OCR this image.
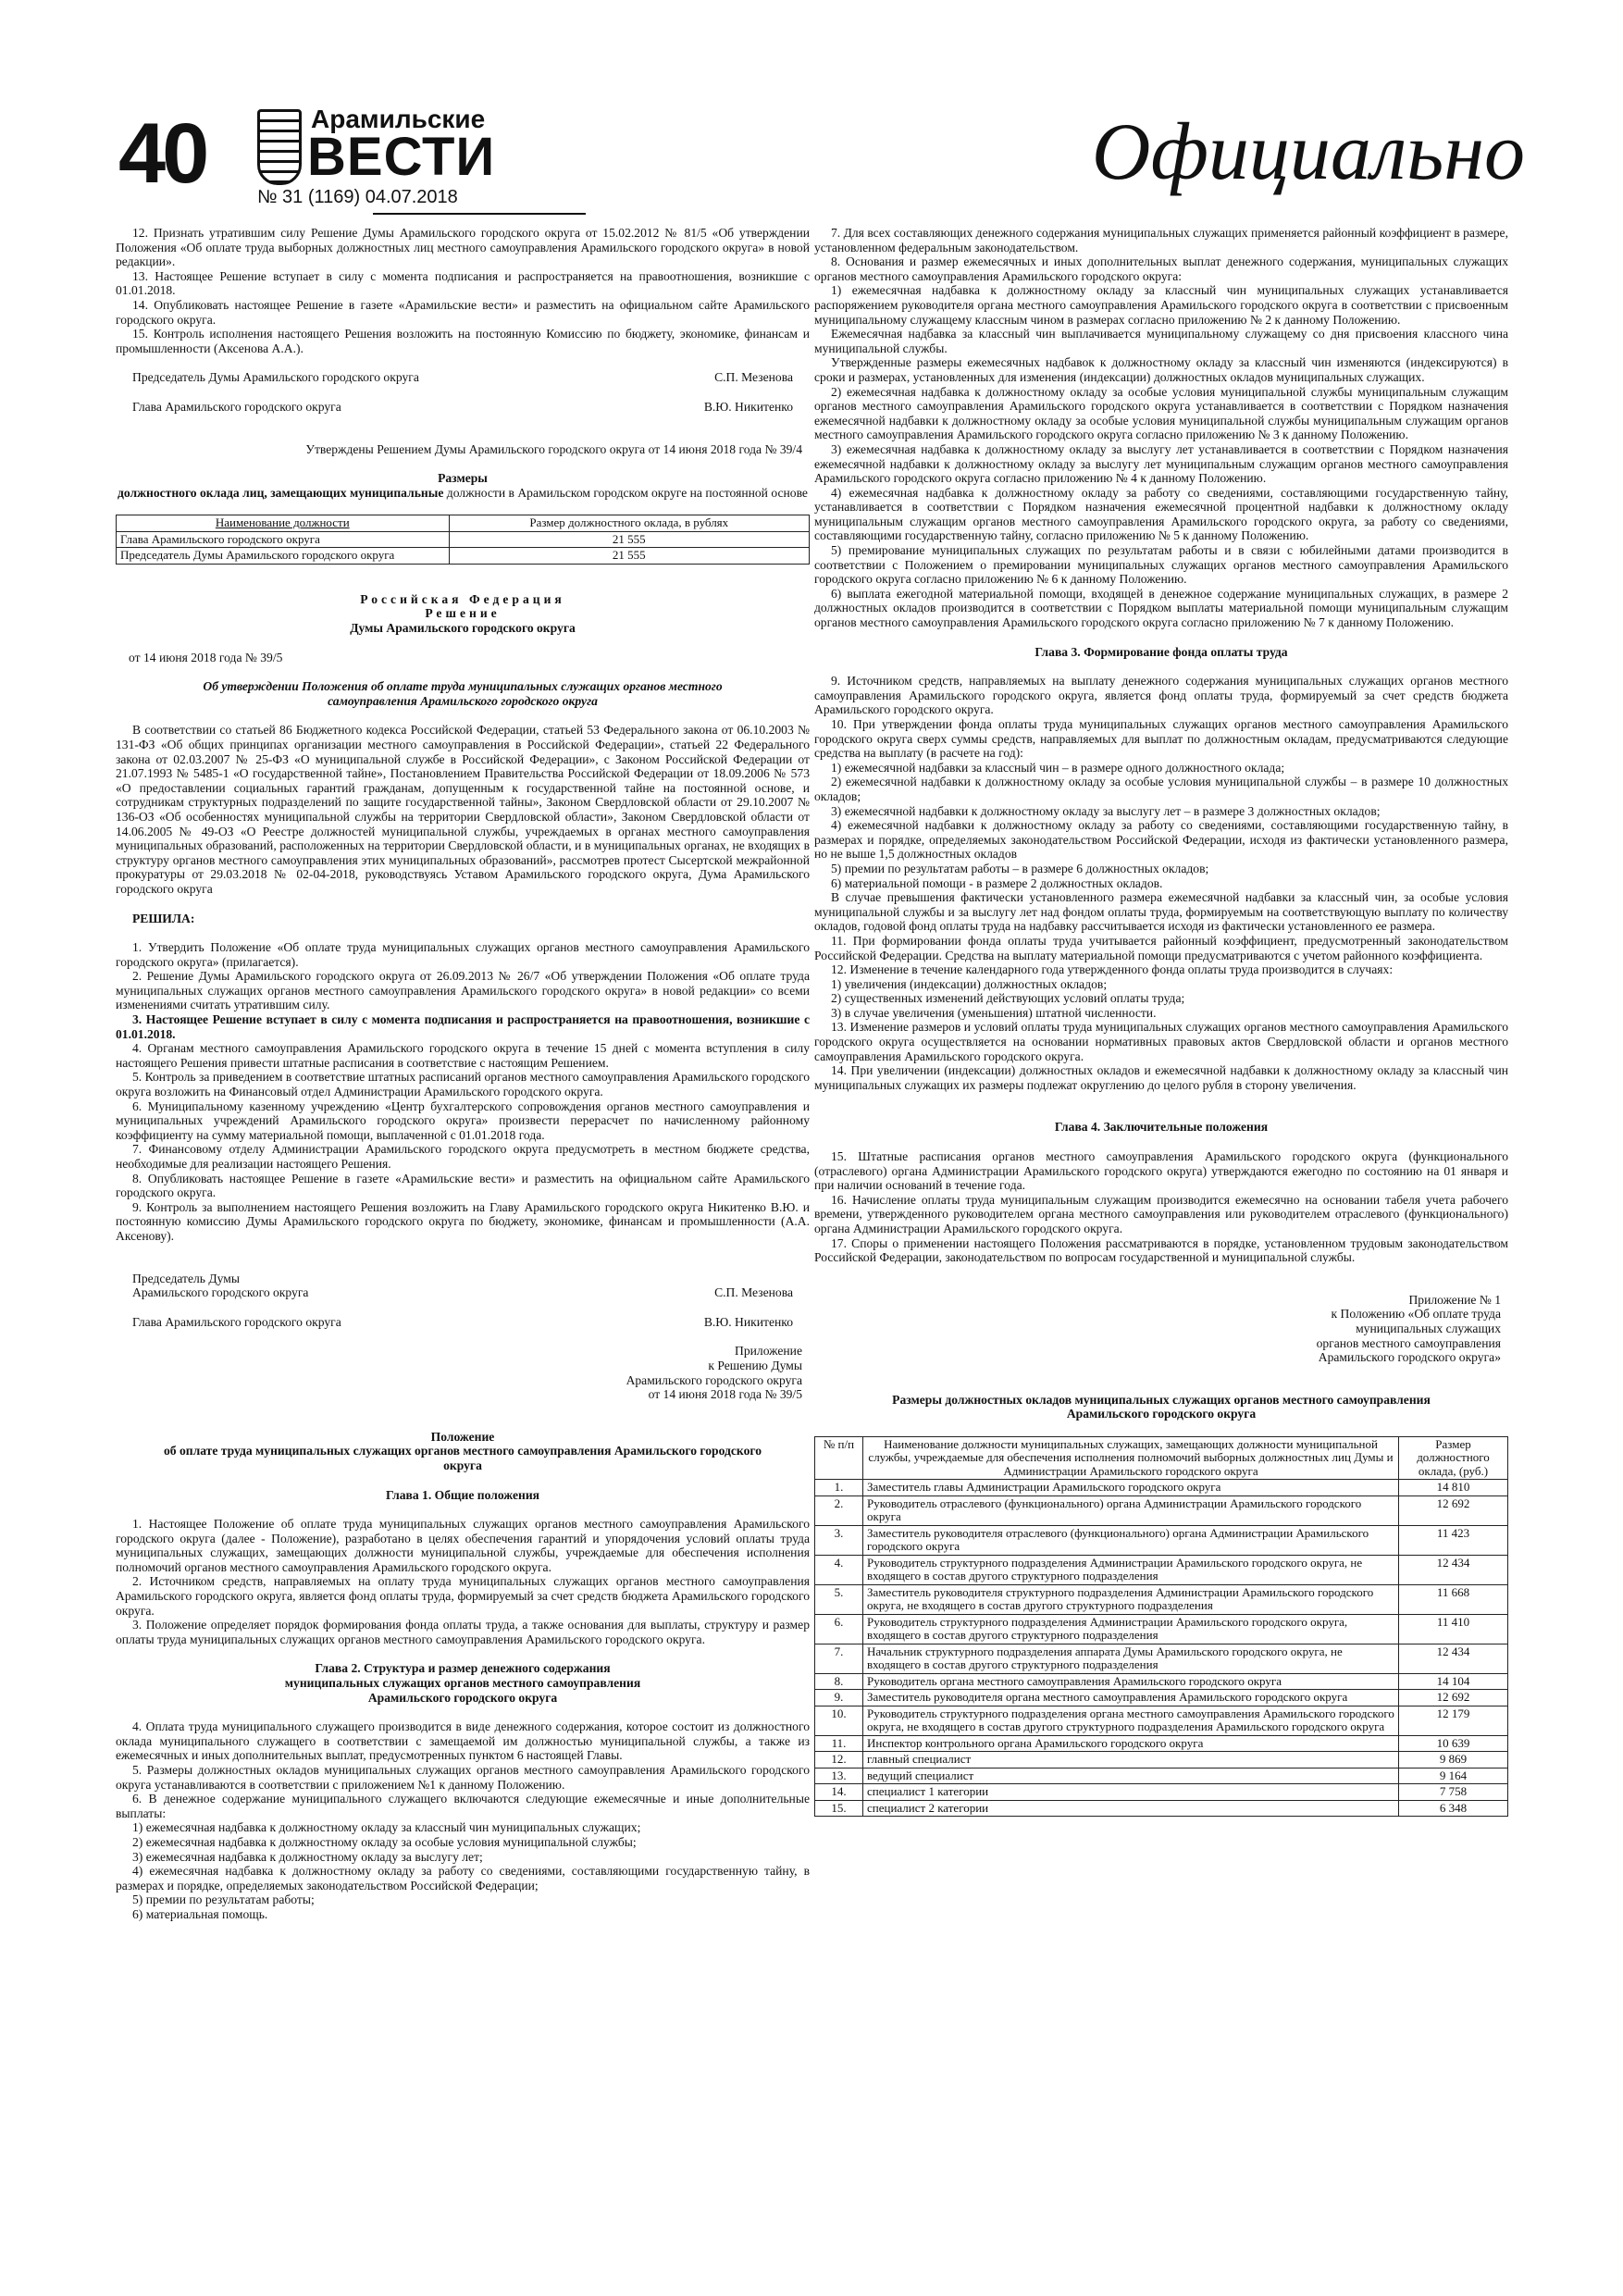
40	Арамильские
ВЕСТИ
№ 31 (1169) 04.07.2018	Официально

12. Признать утратившим силу Решение Думы Арамильского городского округа от 15.02.2012 № 81/5 «Об утверждении Положения «Об оплате труда выборных должностных лиц местного самоуправления Арамильского городского округа» в новой редакции».

13. Настоящее Решение вступает в силу с момента подписания и распространяется на правоотношения, возникшие с 01.01.2018.

14. Опубликовать настоящее Решение в газете «Арамильские вести» и разместить на официальном сайте Арамильского городского округа.

15. Контроль исполнения настоящего Решения возложить на постоянную Комиссию по бюджету, экономике, финансам и промышленности (Аксенова А.А.).

Председатель Думы Арамильского городского округа	С.П. Мезенова
Глава Арамильского городского округа	В.Ю. Никитенко

Утверждены Решением Думы Арамильского городского округа от 14 июня 2018 года № 39/4

Размеры

должностного оклада лиц, замещающих муниципальные должности в Арамильском городском округе на постоянной основе

Наименование должности	Размер должностного оклада, в рублях
Глава Арамильского городского округа	21 555
Председатель Думы Арамильского городского округа	21 555

Российская Федерация

Решение

Думы Арамильского городского округа

от 14 июня 2018 года № 39/5

Об утверждении Положения об оплате труда муниципальных служащих органов местного самоуправления Арамильского городского округа

В соответствии со статьей 86 Бюджетного кодекса Российской Федерации, статьей 53 Федерального закона от 06.10.2003 № 131-ФЗ «Об общих принципах организации местного самоуправления в Российской Федерации», статьей 22 Федерального закона от 02.03.2007 № 25-ФЗ «О муниципальной службе в Российской Федерации», с Законом Российской Федерации от 21.07.1993 № 5485-1 «О государственной тайне», Постановлением Правительства Российской Федерации от 18.09.2006 № 573 «О предоставлении социальных гарантий гражданам, допущенным к государственной тайне на постоянной основе, и сотрудникам структурных подразделений по защите государственной тайны», Законом Свердловской области от 29.10.2007 № 136-ОЗ «Об особенностях муниципальной службы на территории Свердловской области», Законом Свердловской области от 14.06.2005 № 49-ОЗ «О Реестре должностей муниципальной службы, учреждаемых в органах местного самоуправления муниципальных образований, расположенных на территории Свердловской области, и в муниципальных органах, не входящих в структуру органов местного самоуправления этих муниципальных образований», рассмотрев протест Сысертской межрайонной прокуратуры от 29.03.2018 № 02-04-2018, руководствуясь Уставом Арамильского городского округа, Дума Арамильского городского округа

РЕШИЛА:

1. Утвердить Положение «Об оплате труда муниципальных служащих органов местного самоуправления Арамильского городского округа» (прилагается).

2. Решение Думы Арамильского городского округа от 26.09.2013 № 26/7 «Об утверждении Положения «Об оплате труда муниципальных служащих органов местного самоуправления Арамильского городского округа» в новой редакции» со всеми изменениями считать утратившим силу.

3. Настоящее Решение вступает в силу с момента подписания и распространяется на правоотношения, возникшие с 01.01.2018.

4. Органам местного самоуправления Арамильского городского округа в течение 15 дней с момента вступления в силу настоящего Решения привести штатные расписания в соответствие с настоящим Решением.

5. Контроль за приведением в соответствие штатных расписаний органов местного самоуправления Арамильского городского округа возложить на Финансовый отдел Администрации Арамильского городского округа.

6. Муниципальному казенному учреждению «Центр бухгалтерского сопровождения органов местного самоуправления и муниципальных учреждений Арамильского городского округа» произвести перерасчет по начисленному районному коэффициенту на сумму материальной помощи, выплаченной с 01.01.2018 года.

7. Финансовому отделу Администрации Арамильского городского округа предусмотреть в местном бюджете средства, необходимые для реализации настоящего Решения.

8. Опубликовать настоящее Решение в газете «Арамильские вести» и разместить на официальном сайте Арамильского городского округа.

9. Контроль за выполнением настоящего Решения возложить на Главу Арамильского городского округа Никитенко В.Ю. и постоянную комиссию Думы Арамильского городского округа по бюджету, экономике, финансам и промышленности (А.А. Аксенову).

Председатель Думы

Арамильского городского округа	С.П. Мезенова
Глава Арамильского городского округа	В.Ю. Никитенко

Приложение

к Решению Думы

Арамильского городского округа

от 14 июня 2018 года № 39/5

Положение

об оплате труда муниципальных служащих органов местного самоуправления Арамильского городского округа

Глава 1. Общие положения

1. Настоящее Положение об оплате труда муниципальных служащих органов местного самоуправления Арамильского городского округа (далее - Положение), разработано в целях обеспечения гарантий и упорядочения условий оплаты труда муниципальных служащих, замещающих должности муниципальной службы, учреждаемые для обеспечения исполнения полномочий органов местного самоуправления Арамильского городского округа.

2. Источником средств, направляемых на оплату труда муниципальных служащих органов местного самоуправления Арамильского городского округа, является фонд оплаты труда, формируемый за счет средств бюджета Арамильского городского округа.

3. Положение определяет порядок формирования фонда оплаты труда, а также основания для выплаты, структуру и размер оплаты труда муниципальных служащих органов местного самоуправления Арамильского городского округа.

Глава 2. Структура и размер денежного содержания

муниципальных служащих органов местного самоуправления

Арамильского городского округа

4. Оплата труда муниципального служащего производится в виде денежного содержания, которое состоит из должностного оклада муниципального служащего в соответствии с замещаемой им должностью муниципальной службы, а также из ежемесячных и иных дополнительных выплат, предусмотренных пунктом 6 настоящей Главы.

5. Размеры должностных окладов муниципальных служащих органов местного самоуправления Арамильского городского округа устанавливаются в соответствии с приложением №1 к данному Положению.

6. В денежное содержание муниципального служащего включаются следующие ежемесячные и иные дополнительные выплаты:

1) ежемесячная надбавка к должностному окладу за классный чин муниципальных служащих;

2) ежемесячная надбавка к должностному окладу за особые условия муниципальной службы;

3) ежемесячная надбавка к должностному окладу за выслугу лет;

4) ежемесячная надбавка к должностному окладу за работу со сведениями, составляющими государственную тайну, в размерах и порядке, определяемых законодательством Российской Федерации;

5) премии по результатам работы;

6) материальная помощь.

7. Для всех составляющих денежного содержания муниципальных служащих применяется районный коэффициент в размере, установленном федеральным законодательством.

8. Основания и размер ежемесячных и иных дополнительных выплат денежного содержания, муниципальных служащих органов местного самоуправления Арамильского городского округа:

1) ежемесячная надбавка к должностному окладу за классный чин муниципальных служащих устанавливается распоряжением руководителя органа местного самоуправления Арамильского городского округа в соответствии с присвоенным муниципальному служащему классным чином в размерах согласно приложению № 2 к данному Положению.

Ежемесячная надбавка за классный чин выплачивается муниципальному служащему со дня присвоения классного чина муниципальной службы.

Утвержденные размеры ежемесячных надбавок к должностному окладу за классный чин изменяются (индексируются) в сроки и размерах, установленных для изменения (индексации) должностных окладов муниципальных служащих.

2) ежемесячная надбавка к должностному окладу за особые условия муниципальной службы муниципальным служащим органов местного самоуправления Арамильского городского округа устанавливается в соответствии с Порядком назначения ежемесячной надбавки к должностному окладу за особые условия муниципальной службы муниципальным служащим органов местного самоуправления Арамильского городского округа согласно приложению № 3 к данному Положению.

3) ежемесячная надбавка к должностному окладу за выслугу лет устанавливается в соответствии с Порядком назначения ежемесячной надбавки к должностному окладу за выслугу лет муниципальным служащим органов местного самоуправления Арамильского городского округа согласно приложению № 4 к данному Положению.

4) ежемесячная надбавка к должностному окладу за работу со сведениями, составляющими государственную тайну, устанавливается в соответствии с Порядком назначения ежемесячной процентной надбавки к должностному окладу муниципальным служащим органов местного самоуправления Арамильского городского округа, за работу со сведениями, составляющими государственную тайну, согласно приложению № 5 к данному Положению.

5) премирование муниципальных служащих по результатам работы и в связи с юбилейными датами производится в соответствии с Положением о премировании муниципальных служащих органов местного самоуправления Арамильского городского округа согласно приложению № 6 к данному Положению.

6) выплата ежегодной материальной помощи, входящей в денежное содержание муниципальных служащих, в размере 2 должностных окладов производится в соответствии с Порядком выплаты материальной помощи муниципальным служащим органов местного самоуправления Арамильского городского округа согласно приложению № 7 к данному Положению.

Глава 3. Формирование фонда оплаты труда

9. Источником средств, направляемых на выплату денежного содержания муниципальных служащих органов местного самоуправления Арамильского городского округа, является фонд оплаты труда, формируемый за счет средств бюджета Арамильского городского округа.

10. При утверждении фонда оплаты труда муниципальных служащих органов местного самоуправления Арамильского городского округа сверх суммы средств, направляемых для выплат по должностным окладам, предусматриваются следующие средства на выплату (в расчете на год):

1) ежемесячной надбавки за классный чин – в размере одного должностного оклада;

2) ежемесячной надбавки к должностному окладу за особые условия муниципальной службы – в размере 10 должностных окладов;

3) ежемесячной надбавки к должностному окладу за выслугу лет – в размере 3 должностных окладов;

4) ежемесячной надбавки к должностному окладу за работу со сведениями, составляющими государственную тайну, в размерах и порядке, определяемых законодательством Российской Федерации, исходя из фактически установленного размера, но не выше 1,5 должностных окладов

5) премии по результатам работы – в размере 6 должностных окладов;

6) материальной помощи - в размере 2 должностных окладов.

В случае превышения фактически установленного размера ежемесячной надбавки за классный чин, за особые условия муниципальной службы и за выслугу лет над фондом оплаты труда, формируемым на соответствующую выплату по количеству окладов, годовой фонд оплаты труда на надбавку рассчитывается исходя из фактически установленного ее размера.

11. При формировании фонда оплаты труда учитывается районный коэффициент, предусмотренный законодательством Российской Федерации. Средства на выплату материальной помощи предусматриваются с учетом районного коэффициента.

12. Изменение в течение календарного года утвержденного фонда оплаты труда производится в случаях:

1) увеличения (индексации) должностных окладов;

2) существенных изменений действующих условий оплаты труда;

3) в случае увеличения (уменьшения) штатной численности.

13. Изменение размеров и условий оплаты труда муниципальных служащих органов местного самоуправления Арамильского городского округа осуществляется на основании нормативных правовых актов Свердловской области и органов местного самоуправления Арамильского городского округа.

14. При увеличении (индексации) должностных окладов и ежемесячной надбавки к должностному окладу за классный чин муниципальных служащих их размеры подлежат округлению до целого рубля в сторону увеличения.

Глава 4. Заключительные положения

15. Штатные расписания органов местного самоуправления Арамильского городского округа (функционального (отраслевого) органа Администрации Арамильского городского округа) утверждаются ежегодно по состоянию на 01 января и при наличии оснований в течение года.

16. Начисление оплаты труда муниципальным служащим производится ежемесячно на основании табеля учета рабочего времени, утвержденного руководителем органа местного самоуправления или руководителем отраслевого (функционального) органа Администрации Арамильского городского округа.

17. Споры о применении настоящего Положения рассматриваются в порядке, установленном трудовым законодательством Российской Федерации, законодательством по вопросам государственной и муниципальной службы.

Приложение № 1

к Положению «Об оплате труда

муниципальных служащих

органов местного самоуправления

Арамильского городского округа»

Размеры должностных окладов муниципальных служащих органов местного самоуправления Арамильского городского округа

№ п/п	Наименование должности муниципальных служащих, замещающих должности муниципальной службы, учреждаемые для обеспечения исполнения полномочий выборных должностных лиц Думы и Администрации Арамильского городского округа	Размер должностного оклада, (руб.)
1.	Заместитель главы Администрации Арамильского городского округа	14 810
2.	Руководитель отраслевого (функционального) органа Администрации Арамильского городского округа	12 692
3.	Заместитель руководителя отраслевого (функционального) органа Администрации Арамильского городского округа	11 423
4.	Руководитель структурного подразделения Администрации Арамильского городского округа, не входящего в состав другого структурного подразделения	12 434
5.	Заместитель руководителя структурного подразделения Администрации Арамильского городского округа, не входящего в состав другого структурного подразделения	11 668
6.	Руководитель структурного подразделения Администрации Арамильского городского округа, входящего в состав другого структурного подразделения	11 410
7.	Начальник структурного подразделения аппарата Думы Арамильского городского округа, не входящего в состав другого структурного подразделения	12 434
8.	Руководитель органа местного самоуправления Арамильского городского округа	14 104
9.	Заместитель руководителя органа местного самоуправления Арамильского городского округа	12 692
10.	Руководитель структурного подразделения органа местного самоуправления Арамильского городского округа, не входящего в состав другого структурного подразделения Арамильского городского округа	12 179
11.	Инспектор контрольного органа Арамильского городского округа	10 639
12.	главный специалист	9 869
13.	ведущий специалист	9 164
14.	специалист 1 категории	7 758
15.	специалист 2 категории	6 348
